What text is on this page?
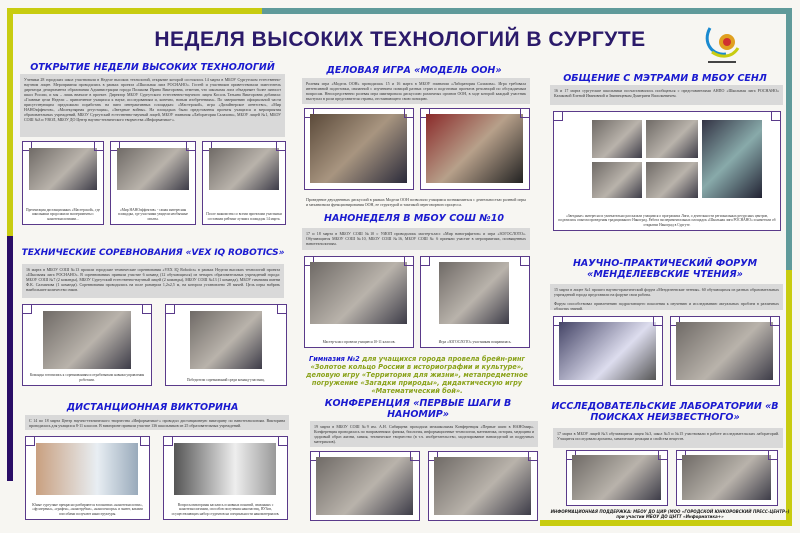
НЕДЕЛЯ ВЫСОКИХ ТЕХНОЛОГИЙ В СУРГУТЕ
ОТКРЫТИЕ НЕДЕЛИ ВЫСОКИХ ТЕХНОЛОГИЙ
Ученики 28 городских школ участвовали в Неделе высоких технологий, открытие которой состоялось 14 марта в МБОУ Сургутском естественно-научном лицее. Мероприятия проводились в рамках проекта «Школьная лига РОСНАНО». Гостей и участников приветствовали заместитель директора департамента образования Администрации города Полякова Ирина Викторовна, отметив, что школьная лига объединяет более пятисот школ России, и мы – лишь вначале в проекте. Директор МБОУ Сургутского естественно-научного лицея Косоль Татьяна Викторовна добавила: «Главные цели Недели – привлечение учащихся к науке, исследованиям и, конечно, новым изобретениям». По завершению официальной части присутствующим предложили поработать на пяти интерактивных площадках: «Мастерской», игра «Дизайнерское агентство», «Мир НАНОэффектов», «Молекулярная дегустация», «Звездные войны». На площадках были представлены проекты учащихся и мероприятия образовательных учреждений, МБОУ Сургутский естественно-научный лицей, МБОУ гимназия «Лаборатория Салахова», МБОУ лицей №1, МБОУ СОШ №3 и УВОЛ, МБОУ ДО Центр научно-технического творчества «Информатика+».
Презентация дистанционных «Мастерской», где школьники продолжили эксперименты с нанотехнологиями...
«Мир НАНОэффектов» - самая интересная площадка, где участники увидели необычные опыты.
После знакомства со всеми проектами участники составили рейтинг лучших площадок 14 марта.
ТЕХНИЧЕСКИЕ СОРЕВНОВАНИЯ «VEX IQ ROBOTICS»
16 марта в МБОУ СОШ №13 прошли городские технические соревнования «VEX IQ Robotics» в рамках Недели высоких технологий проекта «Школьная лига РОСНАНО». В соревнованиях приняли участие 6 команд (12 обучающихся) из четырех образовательных учреждений города: МБОУ СОШ №7 (2 команды), МБОУ Сургутский естественно-научный лицей (2 команды), МБОУ СОШ №13 (1 команда), МБОУ гимназия имени Ф.К. Салманова (1 команда). Соревнования проводились на поле размером 1,2х2,5 м, на котором установлено 28 мячей. Цель игры набрать наибольшее количество очков.
Команды готовились к соревнованиям и отрабатывали навыки управления роботами.	Победители соревнований среди команд-участниц.
ДИСТАНЦИОННАЯ ВИКТОРИНА
С 14 по 18 марта Центр научно-технического творчества «Информатика+» проводил дистанционную викторину по нанотехнологиям. Викторина проводилась для учащихся 8-11 классов. В викторине приняли участие 136 школьников из 25 образовательных учреждений.
Юные сургутяне прекрасно разбираются в понятиях «нанотехнологии», «фуллерены», «графен», «нанотрубки», «наносенсоры» и знают, какими способами получают наноструктуры.
Вопросы викторины касались основных понятий, связанных с нанотехнологиями, способов получения наночастиц, ВУЗов, осуществляющих набор студентов на специальности наноматериалов.
ДЕЛОВАЯ ИГРА «МОДЕЛЬ ООН»
Ролевая игра «Модель ООН» проводилась 15 и 16 марта в МБОУ гимназии «Лаборатория Салахова». Игра требовала интенсивной подготовки, связанной с изучением позиций разных стран и подготовки проектов резолюций по обсуждаемым вопросам. Непосредственно ролевая игра имитировала дискуссию различных органов ООН, в ходе которой каждый участник выступал в роли представителя страны, отстаивающего свою позицию.
Проведение двухдневных дискуссий в рамках Модели ООН позволило учащимся познакомиться с деятельностью ролевой игры и механизмом функционирования ООН, ее структурой и тактикой переговорного процесса.
НАНОНЕДЕЛЯ В МБОУ СОШ №10
17 и 18 марта в МБОУ СОШ №10 с УИОП проводились мастер-класс «Мир нанографитов» и игра «ЗОГОСЛОТО». Обучающиеся МБОУ СОШ №10, МБОУ СОШ №16, МБОУ СОШ № 6 приняли участие в мероприятиях, посвященных нанотехнологиям.
Мастер-класс провели учащиеся 10-11 классов.	Игра «ЗОГОСЛОТО» участникам понравилась.
Гимназия №2 для учащихся города провела брейн-ринг «Золотое кольцо России в историографии и культуре», деловую игру «Территория для жизни», метапредметное погружение «Загадки природы», дидактическую игру «Математический бой».
КОНФЕРЕНЦИЯ «ПЕРВЫЕ ШАГИ В НАНОМИР»
19 марта в МБОУ СОШ №9 им. А.Н. Сибирцева проходила межшкольная Конференция «Первые шаги в НАНОмир». Конференция проводилась по направлениям: физика, биология, информационные технологии, математика, история, медицина и здоровый образ жизни, химия, техническое творчество (в т.ч. изобретательство, моделирование наноизделий из подручных материалов).
ОБЩЕНИЕ С МЭТРАМИ В МБОУ СЕНЛ
16 и 17 марта сургутские школьники посчастливилось пообщаться с представителями АНПО «Школьная лига РОСНАНО» Казаковой Еленой Ивановной и Звягинцевым Дмитрием Васильевичем.
«Звездные» интересно и увлекательно рассказали учащимся о программах Лиги, о деятельности региональных ресурсных центров, поделились опытом проведения традиционного Наноград. Работа экспериментальных площадок «Школьная лига РОСНАНО» и наметили об открытии Наноград в Сургуте.
НАУЧНО-ПРАКТИЧЕСКИЙ ФОРУМ «МЕНДЕЛЕЕВСКИЕ ЧТЕНИЯ»
15 марта в лицее №1 прошел научно-практический форум «Менделеевские чтения». 60 обучающихся из разных образовательных учреждений города представили на форуме свои работы.
Форум способствовал привлечению подрастающего поколения к изучению и исследованию актуальных проблем в различных областях знаний.
ИССЛЕДОВАТЕЛЬСКИЕ ЛАБОРАТОРИИ «В ПОИСКАХ НЕИЗВЕСТНОГО»
17 марта в МБОУ лицей №3 обучающиеся лицея №3, школ №5 и №15 участвовали в работе исследовательских лабораторий. Учащиеся исследовали ароматы, химические реакции и свойства веществ.
ИНФОРМАЦИОННАЯ ПОДДЕРЖКА: МБОУ ДО ЦИР (МОО «ГОРОДСКОЙ ЮНКОРОВСКИЙ ПРЕСС-ЦЕНТР»)
при участии МБОУ ДО ЦНТТ «Информатика+»
